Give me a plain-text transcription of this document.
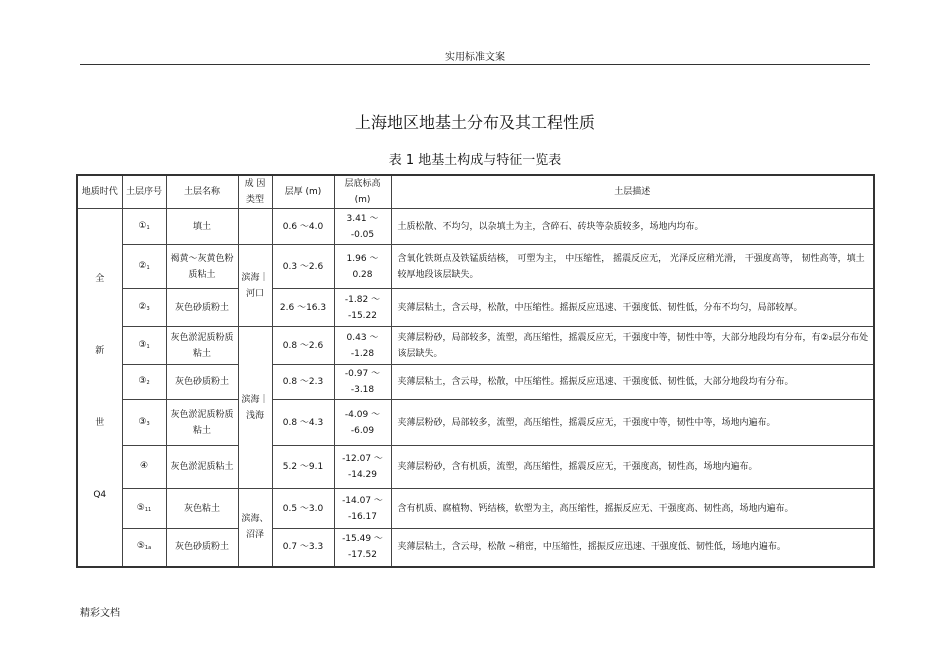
实用标准文案
上海地区地基土分布及其工程性质
表 1 地基土构成与特征一览表
地质时代	土层序号	土层名称	成 因类型	层厚 (m)	层底标高(m)	土层描述

全
新
世
Q4	$①_1$	填土		0.6 ～4.0	3.41 ～ -0.05	土质松散、不均匀，以杂填土为主，含碎石、砖块等杂质较多，场地内均布。
	$②_1$	褐黄～灰黄色粉质粘土	滨海｜河口	0.3 ～2.6	1.96 ～ 0.28	含氧化铁斑点及铁锰质结核， 可塑为主， 中压缩性， 摇震反应无， 光泽反应稍光滑， 干强度高等， 韧性高等，填土较厚地段该层缺失。
	$②_3$	灰色砂质粉土		2.6 ～16.3	-1.82 ～ -15.22	夹薄层粘土，含云母，松散，中压缩性。摇振反应迅速、干强度低、韧性低，分布不均匀，局部较厚。
	$③_1$	灰色淤泥质粉质粘土	滨海｜浅海	0.8 ～2.6	0.43 ～ -1.28	夹薄层粉砂，局部较多，流塑，高压缩性，摇震反应无，干强度中等，韧性中等，大部分地段均有分布，有②₃层分布处该层缺失。
	$③_2$	灰色砂质粉土		0.8 ～2.3	-0.97 ～ -3.18	夹薄层粘土，含云母，松散，中压缩性。摇振反应迅速、干强度低、韧性低，大部分地段均有分布。
	$③_3$	灰色淤泥质粉质粘土		0.8 ～4.3	-4.09 ～ -6.09	夹薄层粉砂，局部较多，流塑，高压缩性，摇震反应无，干强度中等，韧性中等，场地内遍布。
	④	灰色淤泥质粘土		5.2 ～9.1	-12.07 ～ -14.29	夹薄层粉砂，含有机质，流塑，高压缩性，摇震反应无，干强度高，韧性高，场地内遍布。
	$⑤_{11}$	灰色粘土	滨海、沼泽	0.5 ～3.0	-14.07 ～ -16.17	含有机质、腐植物、钙结核，软塑为主，高压缩性，摇振反应无、干强度高、韧性高，场地内遍布。
	$⑤_{1a}$	灰色砂质粉土		0.7 ～3.3	-15.49 ～ -17.52	夹薄层粘土，含云母，松散 ~稍密，中压缩性，摇振反应迅速、干强度低、韧性低，场地内遍布。
精彩文档
